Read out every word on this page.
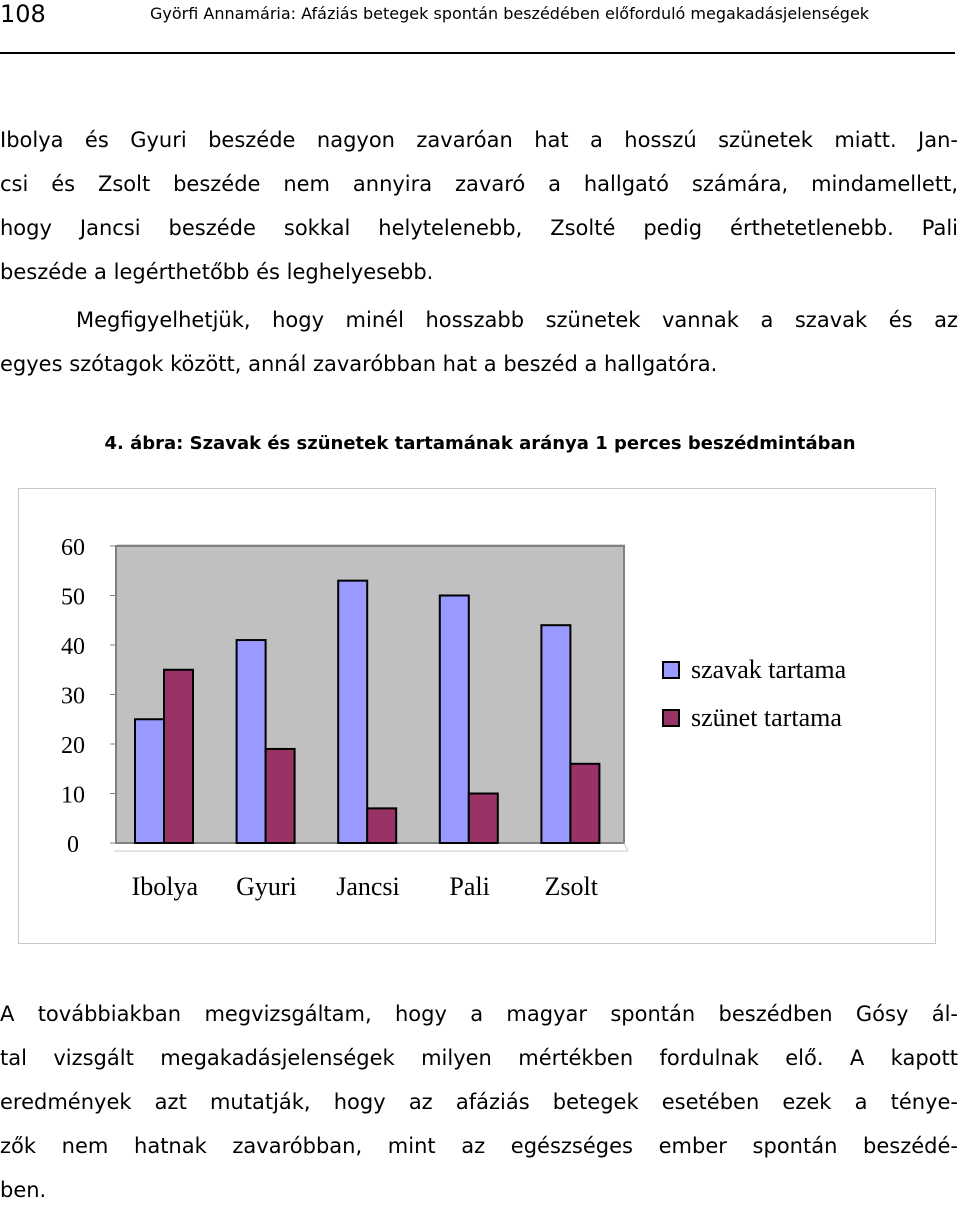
108	Györfi Annamária: Afáziás betegek spontán beszédében előforduló megakadásjelenségek
Ibolya és Gyuri beszéde nagyon zavaróan hat a hosszú szünetek miatt. Jan-
csi és Zsolt beszéde nem annyira zavaró a hallgató számára, mindamellett,
hogy Jancsi beszéde sokkal helytelenebb, Zsolté pedig érthetetlenebb. Pali
beszéde a legérthetőbb és leghelyesebb.
Megfigyelhetjük, hogy minél hosszabb szünetek vannak a szavak és az
egyes szótagok között, annál zavaróbban hat a beszéd a hallgatóra.
4. ábra: Szavak és szünetek tartamának aránya 1 perces beszédmintában
0
10
20
30
40
50
60
Ibolya Gyuri Jancsi Pali Zsolt
szavak tartama
szünet tartama
A továbbiakban megvizsgáltam, hogy a magyar spontán beszédben Gósy ál-
tal vizsgált megakadásjelenségek milyen mértékben fordulnak elő. A kapott
eredmények azt mutatják, hogy az afáziás betegek esetében ezek a ténye-
zők nem hatnak zavaróbban, mint az egészséges ember spontán beszédé-
ben.
